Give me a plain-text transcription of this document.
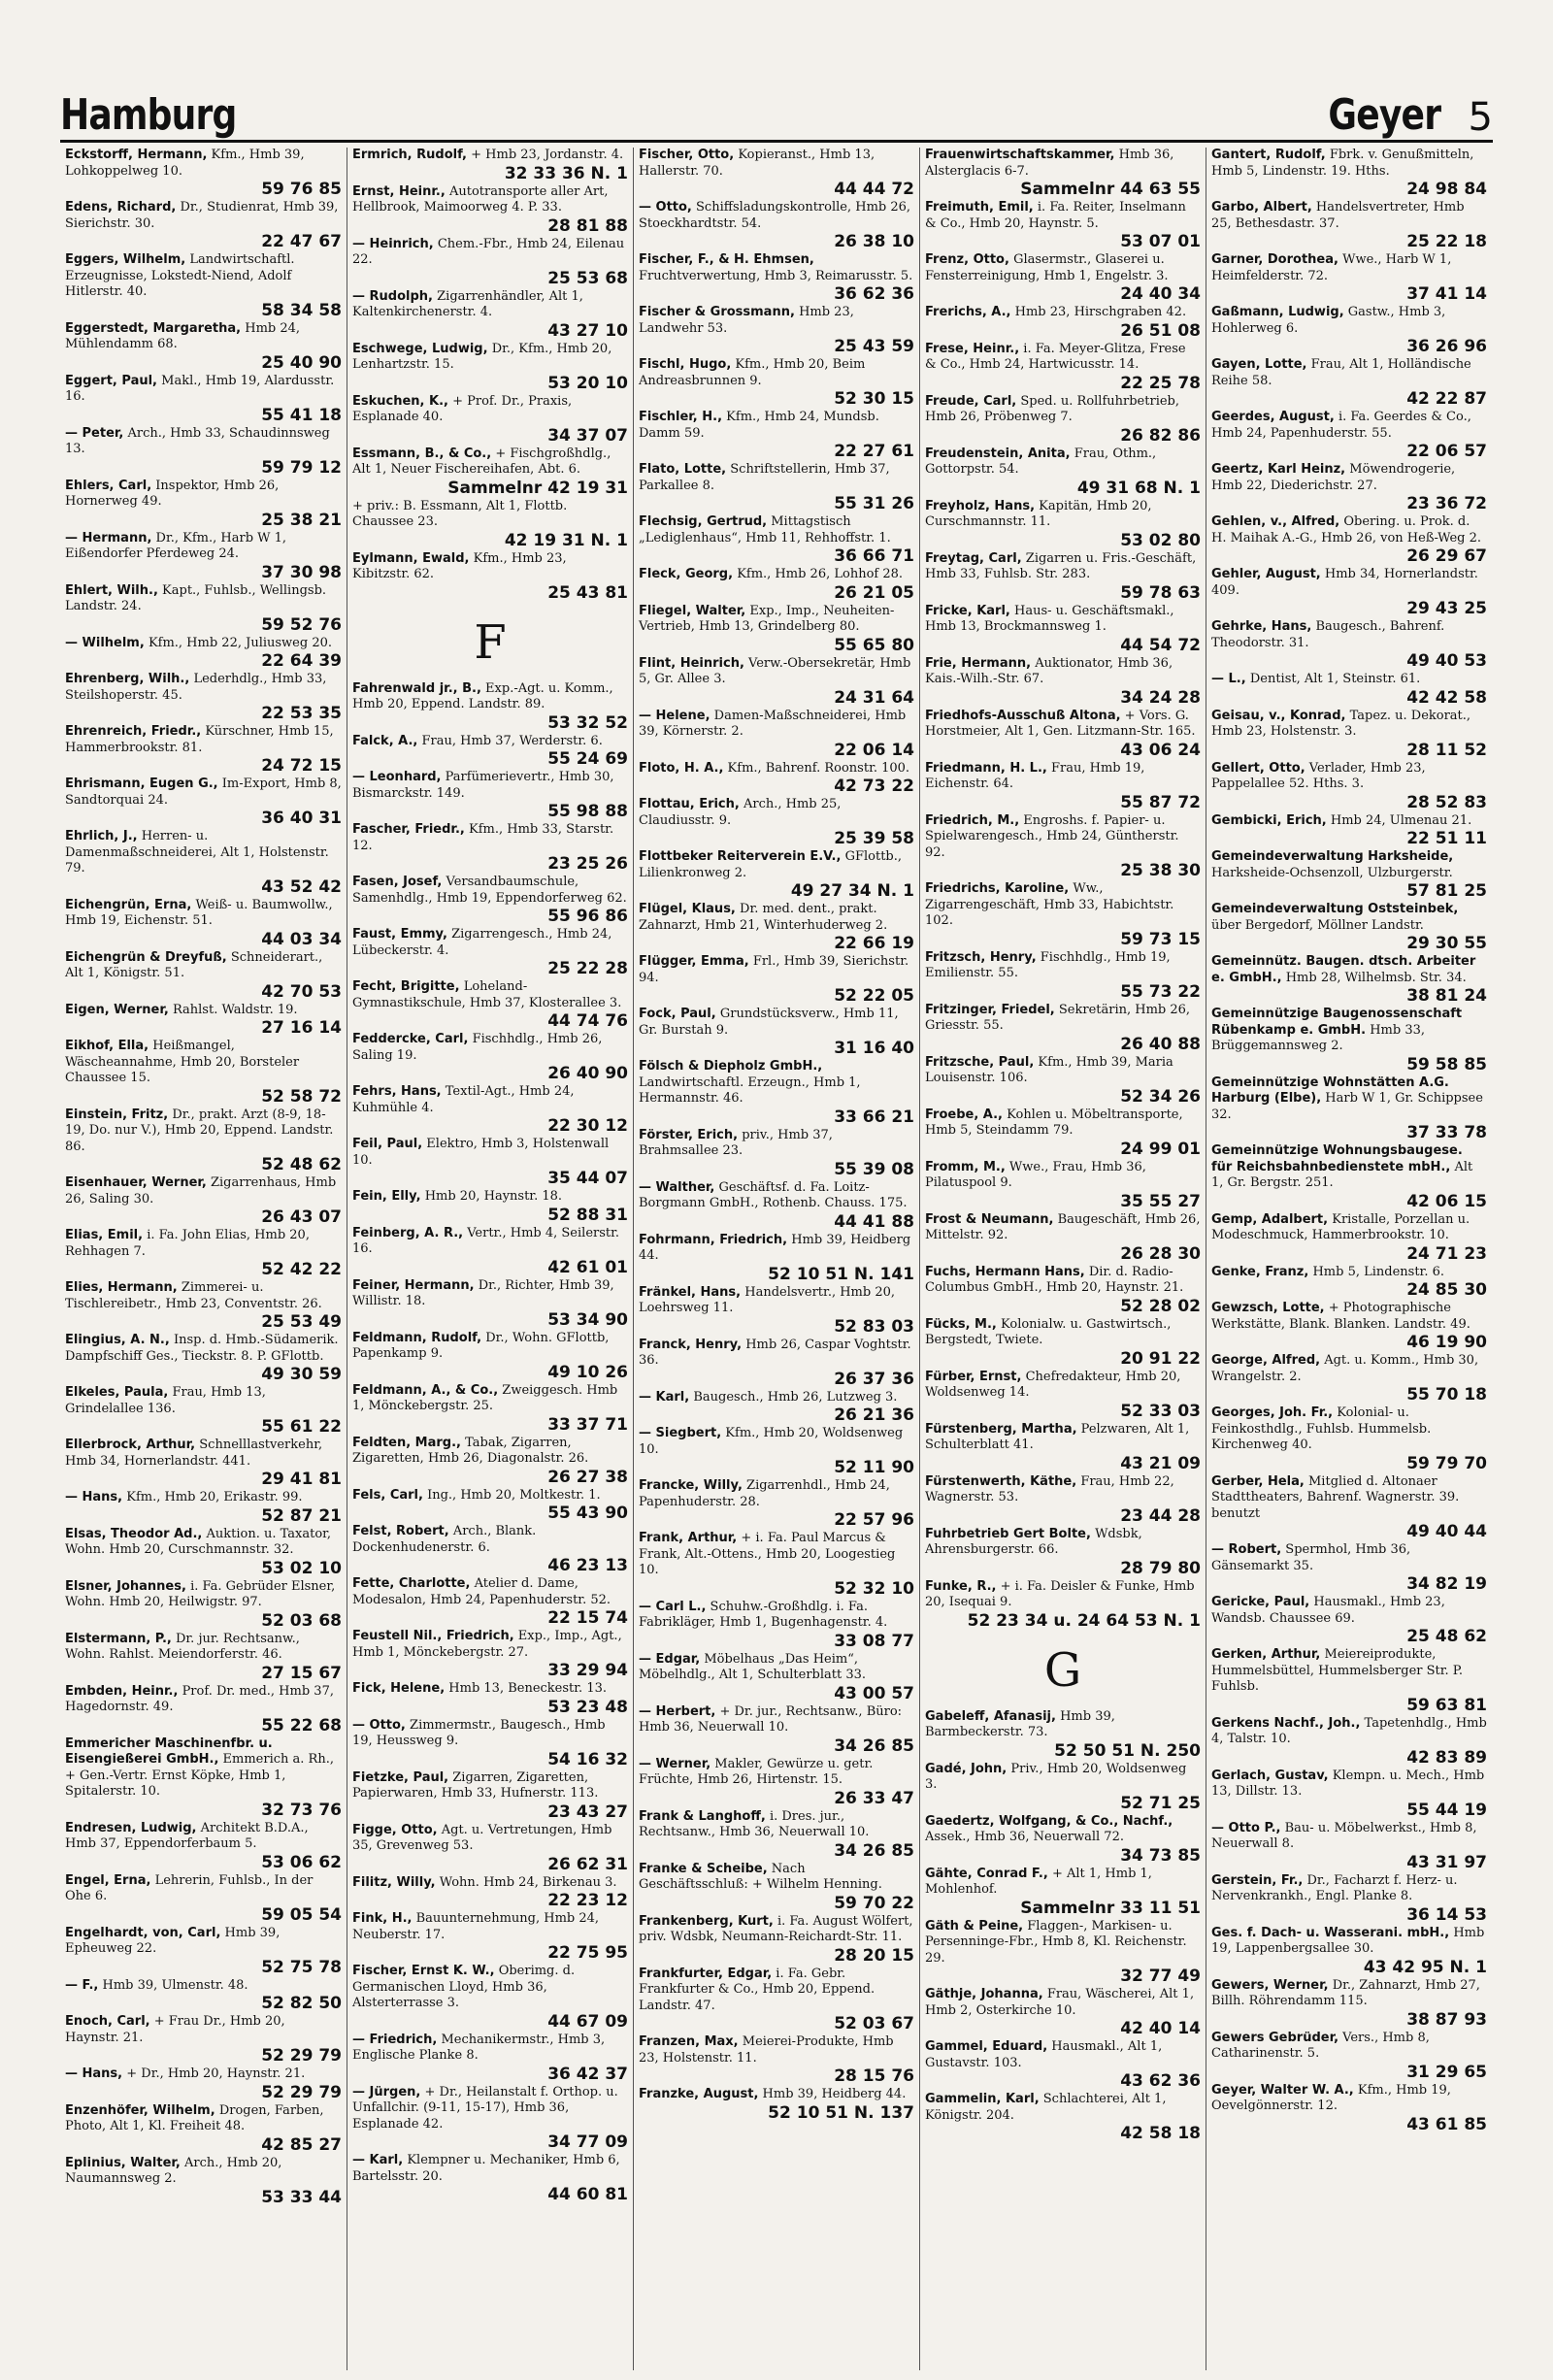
Hamburg	Geyer 5
Eckstorff, Hermann, Kfm., Hmb 39, Lohkoppelweg 10.
59 76 85
Edens, Richard, Dr., Studienrat, Hmb 39, Sierichstr. 30.
22 47 67
Eggers, Wilhelm, Landwirtschaftl. Erzeugnisse, Lokstedt-Niend, Adolf Hitlerstr. 40.
58 34 58
Eggerstedt, Margaretha, Hmb 24, Mühlendamm 68.
25 40 90
Eggert, Paul, Makl., Hmb 19, Alardusstr. 16.
55 41 18
— Peter, Arch., Hmb 33, Schaudinnsweg 13.
59 79 12
Ehlers, Carl, Inspektor, Hmb 26, Hornerweg 49.
25 38 21
— Hermann, Dr., Kfm., Harb W 1, Eißendorfer Pferdeweg 24.
37 30 98
Ehlert, Wilh., Kapt., Fuhlsb., Wellingsb. Landstr. 24.
59 52 76
— Wilhelm, Kfm., Hmb 22, Juliusweg 20.
22 64 39
Ehrenberg, Wilh., Lederhdlg., Hmb 33, Steilshoperstr. 45.
22 53 35
Ehrenreich, Friedr., Kürschner, Hmb 15, Hammerbrookstr. 81.
24 72 15
Ehrismann, Eugen G., Im-Export, Hmb 8, Sandtorquai 24.
36 40 31
Ehrlich, J., Herren- u. Damenmaßschneiderei, Alt 1, Holstenstr. 79.
43 52 42
Eichengrün, Erna, Weiß- u. Baumwollw., Hmb 19, Eichenstr. 51.
44 03 34
Eichengrün & Dreyfuß, Schneiderart., Alt 1, Königstr. 51.
42 70 53
Eigen, Werner, Rahlst. Waldstr. 19.
27 16 14
Eikhof, Ella, Heißmangel, Wäscheannahme, Hmb 20, Borsteler Chaussee 15.
52 58 72
Einstein, Fritz, Dr., prakt. Arzt (8-9, 18-19, Do. nur V.), Hmb 20, Eppend. Landstr. 86.
52 48 62
Eisenhauer, Werner, Zigarrenhaus, Hmb 26, Saling 30.
26 43 07
Elias, Emil, i. Fa. John Elias, Hmb 20, Rehhagen 7.
52 42 22
Elies, Hermann, Zimmerei- u. Tischlereibetr., Hmb 23, Conventstr. 26.
25 53 49
Elingius, A. N., Insp. d. Hmb.-Südamerik. Dampfschiff Ges., Tieckstr. 8. P. GFlottb.
49 30 59
Elkeles, Paula, Frau, Hmb 13, Grindelallee 136.
55 61 22
Ellerbrock, Arthur, Schnelllastverkehr, Hmb 34, Hornerlandstr. 441.
29 41 81
— Hans, Kfm., Hmb 20, Erikastr. 99.
52 87 21
Elsas, Theodor Ad., Auktion. u. Taxator, Wohn. Hmb 20, Curschmannstr. 32.
53 02 10
Elsner, Johannes, i. Fa. Gebrüder Elsner, Wohn. Hmb 20, Heilwigstr. 97.
52 03 68
Elstermann, P., Dr. jur. Rechtsanw., Wohn. Rahlst. Meiendorferstr. 46.
27 15 67
Embden, Heinr., Prof. Dr. med., Hmb 37, Hagedornstr. 49.
55 22 68
Emmericher Maschinenfbr. u. Eisengießerei GmbH., Emmerich a. Rh., + Gen.-Vertr. Ernst Köpke, Hmb 1, Spitalerstr. 10.
32 73 76
Endresen, Ludwig, Architekt B.D.A., Hmb 37, Eppendorferbaum 5.
53 06 62
Engel, Erna, Lehrerin, Fuhlsb., In der Ohe 6.
59 05 54
Engelhardt, von, Carl, Hmb 39, Epheuweg 22.
52 75 78
— F., Hmb 39, Ulmenstr. 48.
52 82 50
Enoch, Carl, + Frau Dr., Hmb 20, Haynstr. 21.
52 29 79
— Hans, + Dr., Hmb 20, Haynstr. 21.
52 29 79
Enzenhöfer, Wilhelm, Drogen, Farben, Photo, Alt 1, Kl. Freiheit 48.
42 85 27
Eplinius, Walter, Arch., Hmb 20, Naumannsweg 2.
53 33 44
Ermrich, Rudolf, + Hmb 23, Jordanstr. 4.
32 33 36 N. 1
Ernst, Heinr., Autotransporte aller Art, Hellbrook, Maimoorweg 4. P. 33.
28 81 88
— Heinrich, Chem.-Fbr., Hmb 24, Eilenau 22.
25 53 68
— Rudolph, Zigarrenhändler, Alt 1, Kaltenkirchenerstr. 4.
43 27 10
Eschwege, Ludwig, Dr., Kfm., Hmb 20, Lenhartzstr. 15.
53 20 10
Eskuchen, K., + Prof. Dr., Praxis, Esplanade 40.
34 37 07
Essmann, B., & Co., + Fischgroßhdlg., Alt 1, Neuer Fischereihafen, Abt. 6.
Sammelnr 42 19 31
+ priv.: B. Essmann, Alt 1, Flottb. Chaussee 23.
42 19 31 N. 1
Eylmann, Ewald, Kfm., Hmb 23, Kibitzstr. 62.
25 43 81
F
Fahrenwald jr., B., Exp.-Agt. u. Komm., Hmb 20, Eppend. Landstr. 89.
53 32 52
Falck, A., Frau, Hmb 37, Werderstr. 6.
55 24 69
— Leonhard, Parfümerievertr., Hmb 30, Bismarckstr. 149.
55 98 88
Fascher, Friedr., Kfm., Hmb 33, Starstr. 12.
23 25 26
Fasen, Josef, Versandbaumschule, Samenhdlg., Hmb 19, Eppendorferweg 62.
55 96 86
Faust, Emmy, Zigarrengesch., Hmb 24, Lübeckerstr. 4.
25 22 28
Fecht, Brigitte, Loheland-Gymnastikschule, Hmb 37, Klosterallee 3.
44 74 76
Feddercke, Carl, Fischhdlg., Hmb 26, Saling 19.
26 40 90
Fehrs, Hans, Textil-Agt., Hmb 24, Kuhmühle 4.
22 30 12
Feil, Paul, Elektro, Hmb 3, Holstenwall 10.
35 44 07
Fein, Elly, Hmb 20, Haynstr. 18.
52 88 31
Feinberg, A. R., Vertr., Hmb 4, Seilerstr. 16.
42 61 01
Feiner, Hermann, Dr., Richter, Hmb 39, Willistr. 18.
53 34 90
Feldmann, Rudolf, Dr., Wohn. GFlottb, Papenkamp 9.
49 10 26
Feldmann, A., & Co., Zweiggesch. Hmb 1, Mönckebergstr. 25.
33 37 71
Feldten, Marg., Tabak, Zigarren, Zigaretten, Hmb 26, Diagonalstr. 26.
26 27 38
Fels, Carl, Ing., Hmb 20, Moltkestr. 1.
55 43 90
Felst, Robert, Arch., Blank. Dockenhudenerstr. 6.
46 23 13
Fette, Charlotte, Atelier d. Dame, Modesalon, Hmb 24, Papenhuderstr. 52.
22 15 74
Feustell Nil., Friedrich, Exp., Imp., Agt., Hmb 1, Mönckebergstr. 27.
33 29 94
Fick, Helene, Hmb 13, Beneckestr. 13.
53 23 48
— Otto, Zimmermstr., Baugesch., Hmb 19, Heussweg 9.
54 16 32
Fietzke, Paul, Zigarren, Zigaretten, Papierwaren, Hmb 33, Hufnerstr. 113.
23 43 27
Figge, Otto, Agt. u. Vertretungen, Hmb 35, Grevenweg 53.
26 62 31
Filitz, Willy, Wohn. Hmb 24, Birkenau 3.
22 23 12
Fink, H., Bauunternehmung, Hmb 24, Neuberstr. 17.
22 75 95
Fischer, Ernst K. W., Oberimg. d. Germanischen Lloyd, Hmb 36, Alsterterrasse 3.
44 67 09
— Friedrich, Mechanikermstr., Hmb 3, Englische Planke 8.
36 42 37
— Jürgen, + Dr., Heilanstalt f. Orthop. u. Unfallchir. (9-11, 15-17), Hmb 36, Esplanade 42.
34 77 09
— Karl, Klempner u. Mechaniker, Hmb 6, Bartelsstr. 20.
44 60 81
Fischer, Otto, Kopieranst., Hmb 13, Hallerstr. 70.
44 44 72
— Otto, Schiffsladungskontrolle, Hmb 26, Stoeckhardtstr. 54.
26 38 10
Fischer, F., & H. Ehmsen, Fruchtverwertung, Hmb 3, Reimarusstr. 5.
36 62 36
Fischer & Grossmann, Hmb 23, Landwehr 53.
25 43 59
Fischl, Hugo, Kfm., Hmb 20, Beim Andreasbrunnen 9.
52 30 15
Fischler, H., Kfm., Hmb 24, Mundsb. Damm 59.
22 27 61
Flato, Lotte, Schriftstellerin, Hmb 37, Parkallee 8.
55 31 26
Flechsig, Gertrud, Mittagstisch „Lediglenhaus“, Hmb 11, Rehhoffstr. 1.
36 66 71
Fleck, Georg, Kfm., Hmb 26, Lohhof 28.
26 21 05
Fliegel, Walter, Exp., Imp., Neuheiten-Vertrieb, Hmb 13, Grindelberg 80.
55 65 80
Flint, Heinrich, Verw.-Obersekretär, Hmb 5, Gr. Allee 3.
24 31 64
— Helene, Damen-Maßschneiderei, Hmb 39, Körnerstr. 2.
22 06 14
Floto, H. A., Kfm., Bahrenf. Roonstr. 100.
42 73 22
Flottau, Erich, Arch., Hmb 25, Claudiusstr. 9.
25 39 58
Flottbeker Reiterverein E.V., GFlottb., Lilienkronweg 2.
49 27 34 N. 1
Flügel, Klaus, Dr. med. dent., prakt. Zahnarzt, Hmb 21, Winterhuderweg 2.
22 66 19
Flügger, Emma, Frl., Hmb 39, Sierichstr. 94.
52 22 05
Fock, Paul, Grundstücksverw., Hmb 11, Gr. Burstah 9.
31 16 40
Fölsch & Diepholz GmbH., Landwirtschaftl. Erzeugn., Hmb 1, Hermannstr. 46.
33 66 21
Förster, Erich, priv., Hmb 37, Brahmsallee 23.
55 39 08
— Walther, Geschäftsf. d. Fa. Loitz-Borgmann GmbH., Rothenb. Chauss. 175.
44 41 88
Fohrmann, Friedrich, Hmb 39, Heidberg 44.
52 10 51 N. 141
Fränkel, Hans, Handelsvertr., Hmb 20, Loehrsweg 11.
52 83 03
Franck, Henry, Hmb 26, Caspar Voghtstr. 36.
26 37 36
— Karl, Baugesch., Hmb 26, Lutzweg 3.
26 21 36
— Siegbert, Kfm., Hmb 20, Woldsenweg 10.
52 11 90
Francke, Willy, Zigarrenhdl., Hmb 24, Papenhuderstr. 28.
22 57 96
Frank, Arthur, + i. Fa. Paul Marcus & Frank, Alt.-Ottens., Hmb 20, Loogestieg 10.
52 32 10
— Carl L., Schuhw.-Großhdlg. i. Fa. Fabrikläger, Hmb 1, Bugenhagenstr. 4.
33 08 77
— Edgar, Möbelhaus „Das Heim“, Möbelhdlg., Alt 1, Schulterblatt 33.
43 00 57
— Herbert, + Dr. jur., Rechtsanw., Büro: Hmb 36, Neuerwall 10.
34 26 85
— Werner, Makler, Gewürze u. getr. Früchte, Hmb 26, Hirtenstr. 15.
26 33 47
Frank & Langhoff, i. Dres. jur., Rechtsanw., Hmb 36, Neuerwall 10.
34 26 85
Franke & Scheibe, Nach Geschäftsschluß: + Wilhelm Henning.
59 70 22
Frankenberg, Kurt, i. Fa. August Wölfert, priv. Wdsbk, Neumann-Reichardt-Str. 11.
28 20 15
Frankfurter, Edgar, i. Fa. Gebr. Frankfurter & Co., Hmb 20, Eppend. Landstr. 47.
52 03 67
Franzen, Max, Meierei-Produkte, Hmb 23, Holstenstr. 11.
28 15 76
Franzke, August, Hmb 39, Heidberg 44.
52 10 51 N. 137
Frauenwirtschaftskammer, Hmb 36, Alsterglacis 6-7.
Sammelnr 44 63 55
Freimuth, Emil, i. Fa. Reiter, Inselmann & Co., Hmb 20, Haynstr. 5.
53 07 01
Frenz, Otto, Glasermstr., Glaserei u. Fensterreinigung, Hmb 1, Engelstr. 3.
24 40 34
Frerichs, A., Hmb 23, Hirschgraben 42.
26 51 08
Frese, Heinr., i. Fa. Meyer-Glitza, Frese & Co., Hmb 24, Hartwicusstr. 14.
22 25 78
Freude, Carl, Sped. u. Rollfuhrbetrieb, Hmb 26, Pröbenweg 7.
26 82 86
Freudenstein, Anita, Frau, Othm., Gottorpstr. 54.
49 31 68 N. 1
Freyholz, Hans, Kapitän, Hmb 20, Curschmannstr. 11.
53 02 80
Freytag, Carl, Zigarren u. Fris.-Geschäft, Hmb 33, Fuhlsb. Str. 283.
59 78 63
Fricke, Karl, Haus- u. Geschäftsmakl., Hmb 13, Brockmannsweg 1.
44 54 72
Frie, Hermann, Auktionator, Hmb 36, Kais.-Wilh.-Str. 67.
34 24 28
Friedhofs-Ausschuß Altona, + Vors. G. Horstmeier, Alt 1, Gen. Litzmann-Str. 165.
43 06 24
Friedmann, H. L., Frau, Hmb 19, Eichenstr. 64.
55 87 72
Friedrich, M., Engroshs. f. Papier- u. Spielwarengesch., Hmb 24, Güntherstr. 92.
25 38 30
Friedrichs, Karoline, Ww., Zigarrengeschäft, Hmb 33, Habichtstr. 102.
59 73 15
Fritzsch, Henry, Fischhdlg., Hmb 19, Emilienstr. 55.
55 73 22
Fritzinger, Friedel, Sekretärin, Hmb 26, Griesstr. 55.
26 40 88
Fritzsche, Paul, Kfm., Hmb 39, Maria Louisenstr. 106.
52 34 26
Froebe, A., Kohlen u. Möbeltransporte, Hmb 5, Steindamm 79.
24 99 01
Fromm, M., Wwe., Frau, Hmb 36, Pilatuspool 9.
35 55 27
Frost & Neumann, Baugeschäft, Hmb 26, Mittelstr. 92.
26 28 30
Fuchs, Hermann Hans, Dir. d. Radio-Columbus GmbH., Hmb 20, Haynstr. 21.
52 28 02
Fücks, M., Kolonialw. u. Gastwirtsch., Bergstedt, Twiete.
20 91 22
Fürber, Ernst, Chefredakteur, Hmb 20, Woldsenweg 14.
52 33 03
Fürstenberg, Martha, Pelzwaren, Alt 1, Schulterblatt 41.
43 21 09
Fürstenwerth, Käthe, Frau, Hmb 22, Wagnerstr. 53.
23 44 28
Fuhrbetrieb Gert Bolte, Wdsbk, Ahrensburgerstr. 66.
28 79 80
Funke, R., + i. Fa. Deisler & Funke, Hmb 20, Isequai 9.
52 23 34 u. 24 64 53 N. 1
G
Gabeleff, Afanasij, Hmb 39, Barmbeckerstr. 73.
52 50 51 N. 250
Gadé, John, Priv., Hmb 20, Woldsenweg 3.
52 71 25
Gaedertz, Wolfgang, & Co., Nachf., Assek., Hmb 36, Neuerwall 72.
34 73 85
Gähte, Conrad F., + Alt 1, Hmb 1, Mohlenhof.
Sammelnr 33 11 51
Gäth & Peine, Flaggen-, Markisen- u. Persenninge-Fbr., Hmb 8, Kl. Reichenstr. 29.
32 77 49
Gäthje, Johanna, Frau, Wäscherei, Alt 1, Hmb 2, Osterkirche 10.
42 40 14
Gammel, Eduard, Hausmakl., Alt 1, Gustavstr. 103.
43 62 36
Gammelin, Karl, Schlachterei, Alt 1, Königstr. 204.
42 58 18
Gantert, Rudolf, Fbrk. v. Genußmitteln, Hmb 5, Lindenstr. 19. Hths.
24 98 84
Garbo, Albert, Handelsvertreter, Hmb 25, Bethesdastr. 37.
25 22 18
Garner, Dorothea, Wwe., Harb W 1, Heimfelderstr. 72.
37 41 14
Gaßmann, Ludwig, Gastw., Hmb 3, Hohlerweg 6.
36 26 96
Gayen, Lotte, Frau, Alt 1, Holländische Reihe 58.
42 22 87
Geerdes, August, i. Fa. Geerdes & Co., Hmb 24, Papenhuderstr. 55.
22 06 57
Geertz, Karl Heinz, Möwendrogerie, Hmb 22, Diederichstr. 27.
23 36 72
Gehlen, v., Alfred, Obering. u. Prok. d. H. Maihak A.-G., Hmb 26, von Heß-Weg 2.
26 29 67
Gehler, August, Hmb 34, Hornerlandstr. 409.
29 43 25
Gehrke, Hans, Baugesch., Bahrenf. Theodorstr. 31.
49 40 53
— L., Dentist, Alt 1, Steinstr. 61.
42 42 58
Geisau, v., Konrad, Tapez. u. Dekorat., Hmb 23, Holstenstr. 3.
28 11 52
Gellert, Otto, Verlader, Hmb 23, Pappelallee 52. Hths. 3.
28 52 83
Gembicki, Erich, Hmb 24, Ulmenau 21.
22 51 11
Gemeindeverwaltung Harksheide, Harksheide-Ochsenzoll, Ulzburgerstr.
57 81 25
Gemeindeverwaltung Oststeinbek, über Bergedorf, Möllner Landstr.
29 30 55
Gemeinnütz. Baugen. dtsch. Arbeiter e. GmbH., Hmb 28, Wilhelmsb. Str. 34.
38 81 24
Gemeinnützige Baugenossenschaft Rübenkamp e. GmbH. Hmb 33, Brüggemannsweg 2.
59 58 85
Gemeinnützige Wohnstätten A.G. Harburg (Elbe), Harb W 1, Gr. Schippsee 32.
37 33 78
Gemeinnützige Wohnungsbaugese. für Reichsbahnbedienstete mbH., Alt 1, Gr. Bergstr. 251.
42 06 15
Gemp, Adalbert, Kristalle, Porzellan u. Modeschmuck, Hammerbrookstr. 10.
24 71 23
Genke, Franz, Hmb 5, Lindenstr. 6.
24 85 30
Gewzsch, Lotte, + Photographische Werkstätte, Blank. Blanken. Landstr. 49.
46 19 90
George, Alfred, Agt. u. Komm., Hmb 30, Wrangelstr. 2.
55 70 18
Georges, Joh. Fr., Kolonial- u. Feinkosthdlg., Fuhlsb. Hummelsb. Kirchenweg 40.
59 79 70
Gerber, Hela, Mitglied d. Altonaer Stadttheaters, Bahrenf. Wagnerstr. 39. benutzt
49 40 44
— Robert, Spermhol, Hmb 36, Gänsemarkt 35.
34 82 19
Gericke, Paul, Hausmakl., Hmb 23, Wandsb. Chaussee 69.
25 48 62
Gerken, Arthur, Meiereiprodukte, Hummelsbüttel, Hummelsberger Str. P. Fuhlsb.
59 63 81
Gerkens Nachf., Joh., Tapetenhdlg., Hmb 4, Talstr. 10.
42 83 89
Gerlach, Gustav, Klempn. u. Mech., Hmb 13, Dillstr. 13.
55 44 19
— Otto P., Bau- u. Möbelwerkst., Hmb 8, Neuerwall 8.
43 31 97
Gerstein, Fr., Dr., Facharzt f. Herz- u. Nervenkrankh., Engl. Planke 8.
36 14 53
Ges. f. Dach- u. Wasserani. mbH., Hmb 19, Lappenbergsallee 30.
43 42 95 N. 1
Gewers, Werner, Dr., Zahnarzt, Hmb 27, Billh. Röhrendamm 115.
38 87 93
Gewers Gebrüder, Vers., Hmb 8, Catharinenstr. 5.
31 29 65
Geyer, Walter W. A., Kfm., Hmb 19, Oevelgönnerstr. 12.
43 61 85
